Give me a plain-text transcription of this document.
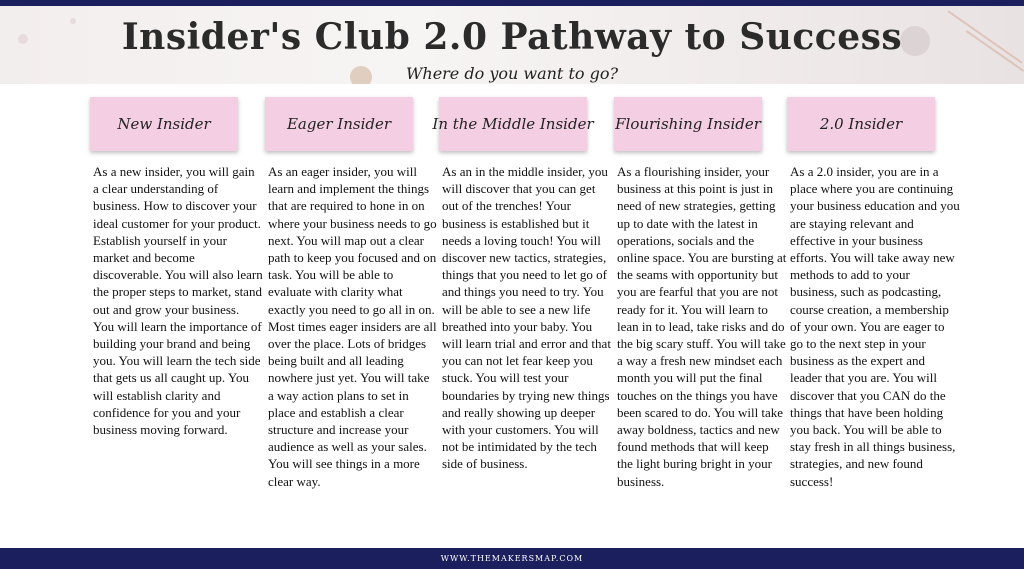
Insider's Club 2.0 Pathway to Success
Where do you want to go?
New Insider

As a new insider, you will gain a clear understanding of business. How to discover your ideal customer for your product. Establish yourself in your market and become discoverable. You will also learn the proper steps to market, stand out and grow your business. You will learn the importance of building your brand and being you. You will learn the tech side that gets us all caught up. You will establish clarity and confidence for you and your business moving forward.

Eager Insider

As an eager insider, you will learn and implement the things that are required to hone in on where your business needs to go next. You will map out a clear path to keep you focused and on task. You will be able to evaluate with clarity what exactly you need to go all in on. Most times eager insiders are all over the place. Lots of bridges being built and all leading nowhere just yet. You will take a way action plans to set in place and establish a clear structure and increase your audience as well as your sales. You will see things in a more clear way.

In the Middle Insider

As an in the middle insider, you will discover that you can get out of the trenches! Your business is established but it needs a loving touch! You will discover new tactics, strategies, things that you need to let go of and things you need to try. You will be able to see a new life breathed into your baby. You will learn trial and error and that you can not let fear keep you stuck. You will test your boundaries by trying new things and really showing up deeper with your customers. You will not be intimidated by the tech side of business.

Flourishing Insider

As a flourishing insider, your business at this point is just in need of new strategies, getting up to date with the latest in operations, socials and the online space. You are bursting at the seams with opportunity but you are fearful that you are not ready for it. You will learn to lean in to lead, take risks and do the big scary stuff. You will take a way a fresh new mindset each month you will put the final touches on the things you have been scared to do. You will take away boldness, tactics and new found methods that will keep the light buring bright in your business.

2.0 Insider

As a 2.0 insider, you are in a place where you are continuing your business education and you are staying relevant and effective in your business efforts. You will take away new methods to add to your business, such as podcasting, course creation, a membership of your own. You are eager to go to the next step in your business as the expert and leader that you are. You will discover that you CAN do the things that have been holding you back. You will be able to stay fresh in all things business, strategies, and new found success!

WWW.THEMAKERSMAP.COM
